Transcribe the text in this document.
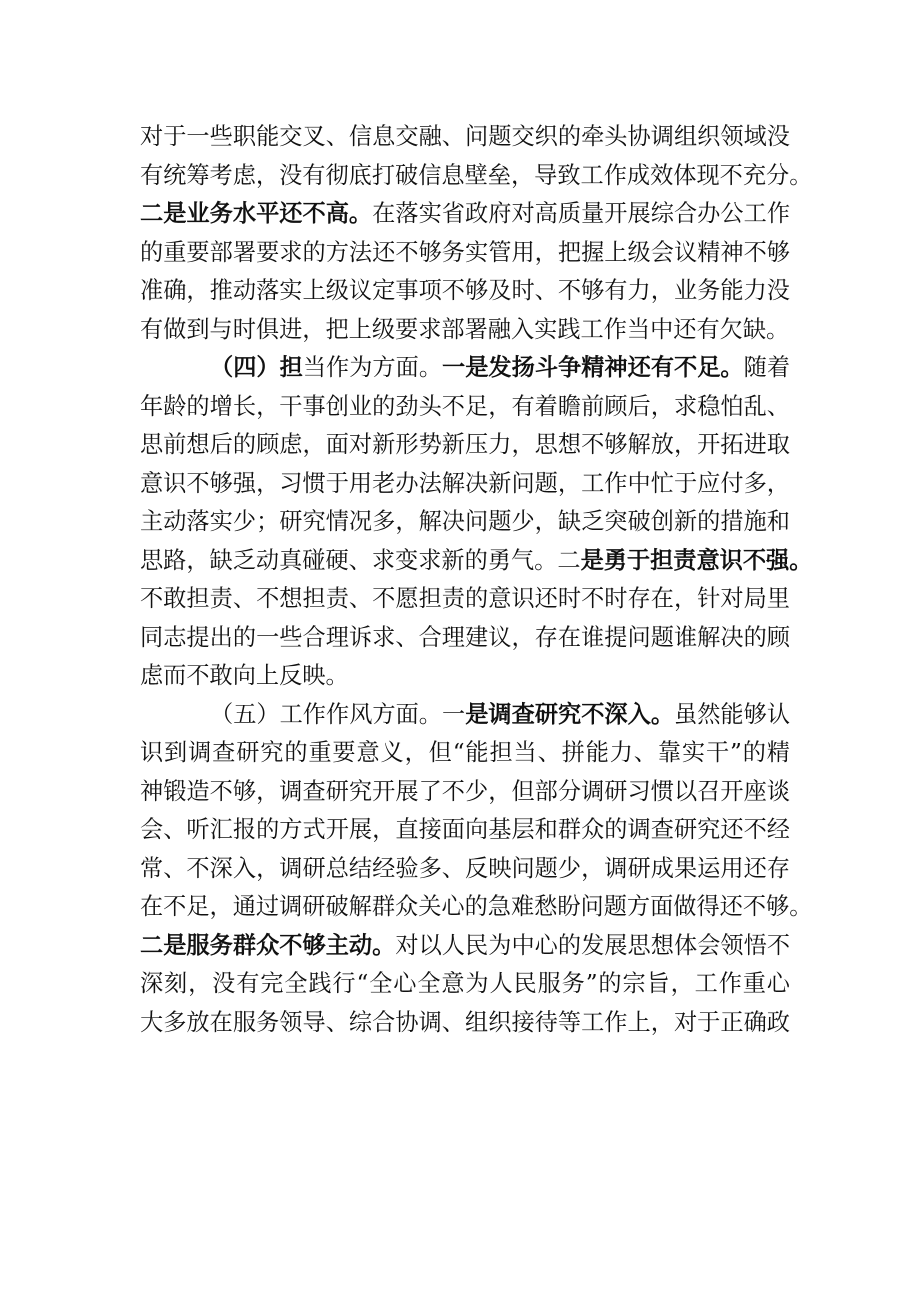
对于一些职能交叉、信息交融、问题交织的牵头协调组织领域没
有统筹考虑，没有彻底打破信息壁垒，导致工作成效体现不充分。
二是业务水平还不高。在落实省政府对高质量开展综合办公工作
的重要部署要求的方法还不够务实管用，把握上级会议精神不够
准确，推动落实上级议定事项不够及时、不够有力，业务能力没
有做到与时俱进，把上级要求部署融入实践工作当中还有欠缺。
（四）担当作为方面。一是发扬斗争精神还有不足。随着
年龄的增长，干事创业的劲头不足，有着瞻前顾后，求稳怕乱、
思前想后的顾虑，面对新形势新压力，思想不够解放，开拓进取
意识不够强，习惯于用老办法解决新问题，工作中忙于应付多，
主动落实少；研究情况多，解决问题少，缺乏突破创新的措施和
思路，缺乏动真碰硬、求变求新的勇气。二是勇于担责意识不强。
不敢担责、不想担责、不愿担责的意识还时不时存在，针对局里
同志提出的一些合理诉求、合理建议，存在谁提问题谁解决的顾
虑而不敢向上反映。
（五）工作作风方面。一是调查研究不深入。虽然能够认
识到调查研究的重要意义，但“能担当、拼能力、靠实干”的精
神锻造不够，调查研究开展了不少，但部分调研习惯以召开座谈
会、听汇报的方式开展，直接面向基层和群众的调查研究还不经
常、不深入，调研总结经验多、反映问题少，调研成果运用还存
在不足，通过调研破解群众关心的急难愁盼问题方面做得还不够。
二是服务群众不够主动。对以人民为中心的发展思想体会领悟不
深刻，没有完全践行“全心全意为人民服务”的宗旨，工作重心
大多放在服务领导、综合协调、组织接待等工作上，对于正确政
